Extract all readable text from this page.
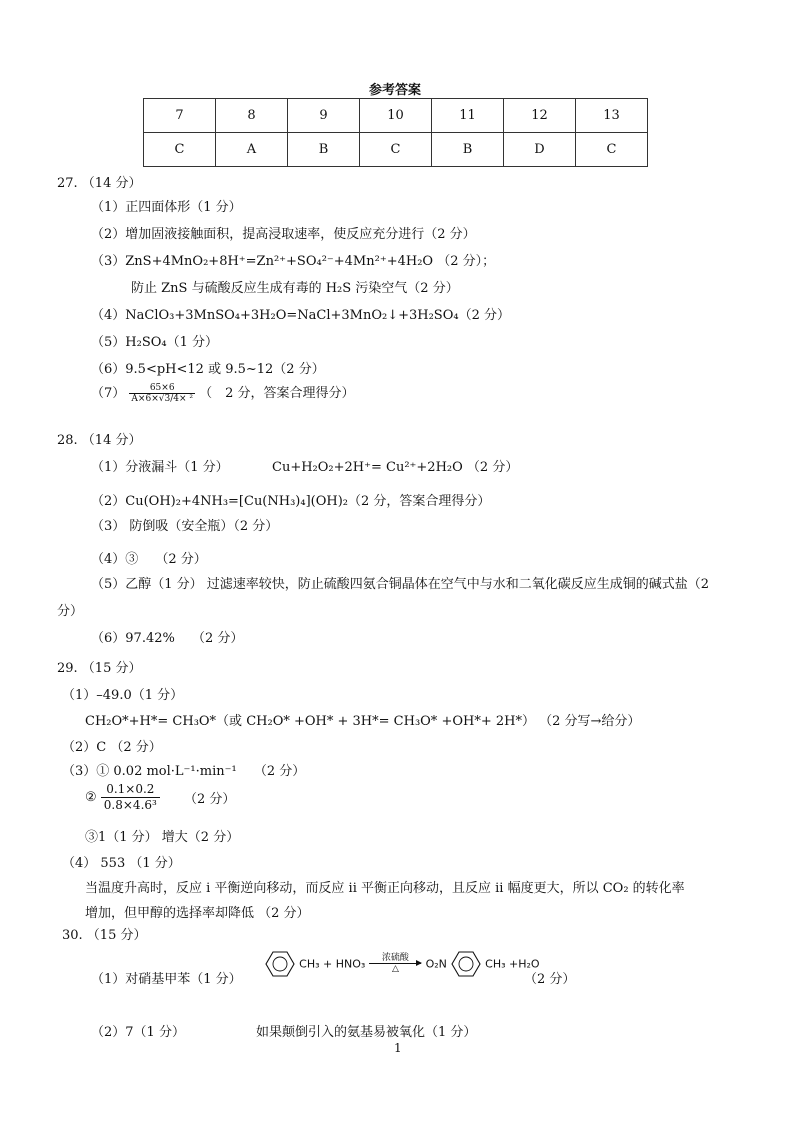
参考答案
7	8	9	10	11	12	13
C	A	B	C	B	D	C
27. （14 分）
（1）正四面体形（1 分）
（2）增加固液接触面积，提高浸取速率，使反应充分进行（2 分）
（3）ZnS+4MnO₂+8H⁺=Zn²⁺+SO₄²⁻+4Mn²⁺+4H₂O （2 分）；
防止 ZnS 与硫酸反应生成有毒的 H₂S 污染空气（2 分）
（4）NaClO₃+3MnSO₄+3H₂O=NaCl+3MnO₂↓+3H₂SO₄（2 分）
（5）H₂SO₄（1 分）
（6）9.5<pH<12 或 9.5~12（2 分）
$(7) \frac{65\times 6}{\text{A×6×√3/4× ²}}$ （　2 分，答案合理得分）
28. （14 分）
（1）分液漏斗（1 分）	Cu+H₂O₂+2H⁺= Cu²⁺+2H₂O （2 分）
（2）Cu(OH)₂+4NH₃=[Cu(NH₃)₄](OH)₂（2 分，答案合理得分）
（3） 防倒吸（安全瓶）（2 分）
（4）③　 （2 分）
（5）乙醇（1 分） 过滤速率较快，防止硫酸四氨合铜晶体在空气中与水和二氧化碳反应生成铜的碱式盐（2
分）
（6）97.42%　 （2 分）
29. （15 分）
（1）–49.0（1 分）
CH₂O*+H*= CH₃O*（或 CH₂O* +OH* + 3H*= CH₃O* +OH*+ 2H*） （2 分写→给分）
（2）C （2 分）
（3）① 0.02 mol·L⁻¹·min⁻¹　 （2 分）
② $\frac{0.1\times 0.2}{\text{0.8×4.6³}} (2$ 分）
③1（1 分） 增大（2 分）
（4） 553 （1 分）
当温度升高时，反应 i 平衡逆向移动，而反应 ii 平衡正向移动，且反应 ii 幅度更大，所以 CO₂ 的转化率
增加，但甲醇的选择率却降低 （2 分）
30. （15 分）
（1）对硝基甲苯（1 分）
CH₃ + HNO₃	浓硫酸
△	O₂N	CH₃ +H₂O
（2 分）
（2）7（1 分）	如果颠倒引入的氨基易被氧化（1 分）
1
